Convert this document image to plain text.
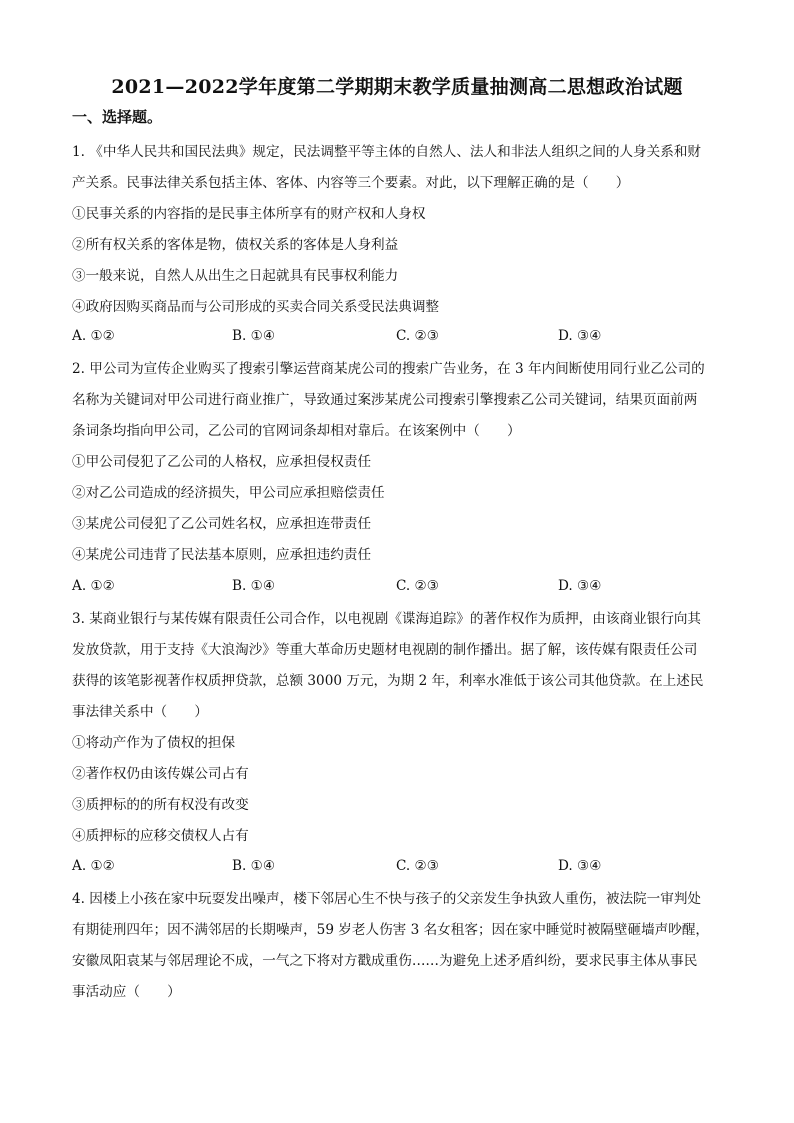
2021—2022学年度第二学期期末教学质量抽测高二思想政治试题
一、选择题。
1. 《中华人民共和国民法典》规定，民法调整平等主体的自然人、法人和非法人组织之间的人身关系和财
产关系。民事法律关系包括主体、客体、内容等三个要素。对此，以下理解正确的是（　　）
①民事关系的内容指的是民事主体所享有的财产权和人身权
②所有权关系的客体是物，债权关系的客体是人身利益
③一般来说，自然人从出生之日起就具有民事权利能力
④政府因购买商品而与公司形成的买卖合同关系受民法典调整
A. ①②	B. ①④	C. ②③	D. ③④
2. 甲公司为宣传企业购买了搜索引擎运营商某虎公司的搜索广告业务，在 3 年内间断使用同行业乙公司的
名称为关键词对甲公司进行商业推广，导致通过案涉某虎公司搜索引擎搜索乙公司关键词，结果页面前两
条词条均指向甲公司，乙公司的官网词条却相对靠后。在该案例中（　　）
①甲公司侵犯了乙公司的人格权，应承担侵权责任
②对乙公司造成的经济损失，甲公司应承担赔偿责任
③某虎公司侵犯了乙公司姓名权，应承担连带责任
④某虎公司违背了民法基本原则，应承担违约责任
A. ①②	B. ①④	C. ②③	D. ③④
3. 某商业银行与某传媒有限责任公司合作，以电视剧《谍海追踪》的著作权作为质押，由该商业银行向其
发放贷款，用于支持《大浪淘沙》等重大革命历史题材电视剧的制作播出。据了解，该传媒有限责任公司
获得的该笔影视著作权质押贷款，总额 3000 万元，为期 2 年，利率水准低于该公司其他贷款。在上述民
事法律关系中（　　）
①将动产作为了债权的担保
②著作权仍由该传媒公司占有
③质押标的的所有权没有改变
④质押标的应移交债权人占有
A. ①②	B. ①④	C. ②③	D. ③④
4. 因楼上小孩在家中玩耍发出噪声，楼下邻居心生不快与孩子的父亲发生争执致人重伤，被法院一审判处
有期徒刑四年；因不满邻居的长期噪声，59 岁老人伤害 3 名女租客；因在家中睡觉时被隔壁砸墙声吵醒，
安徽凤阳袁某与邻居理论不成，一气之下将对方戳成重伤……为避免上述矛盾纠纷，要求民事主体从事民
事活动应（　　）
